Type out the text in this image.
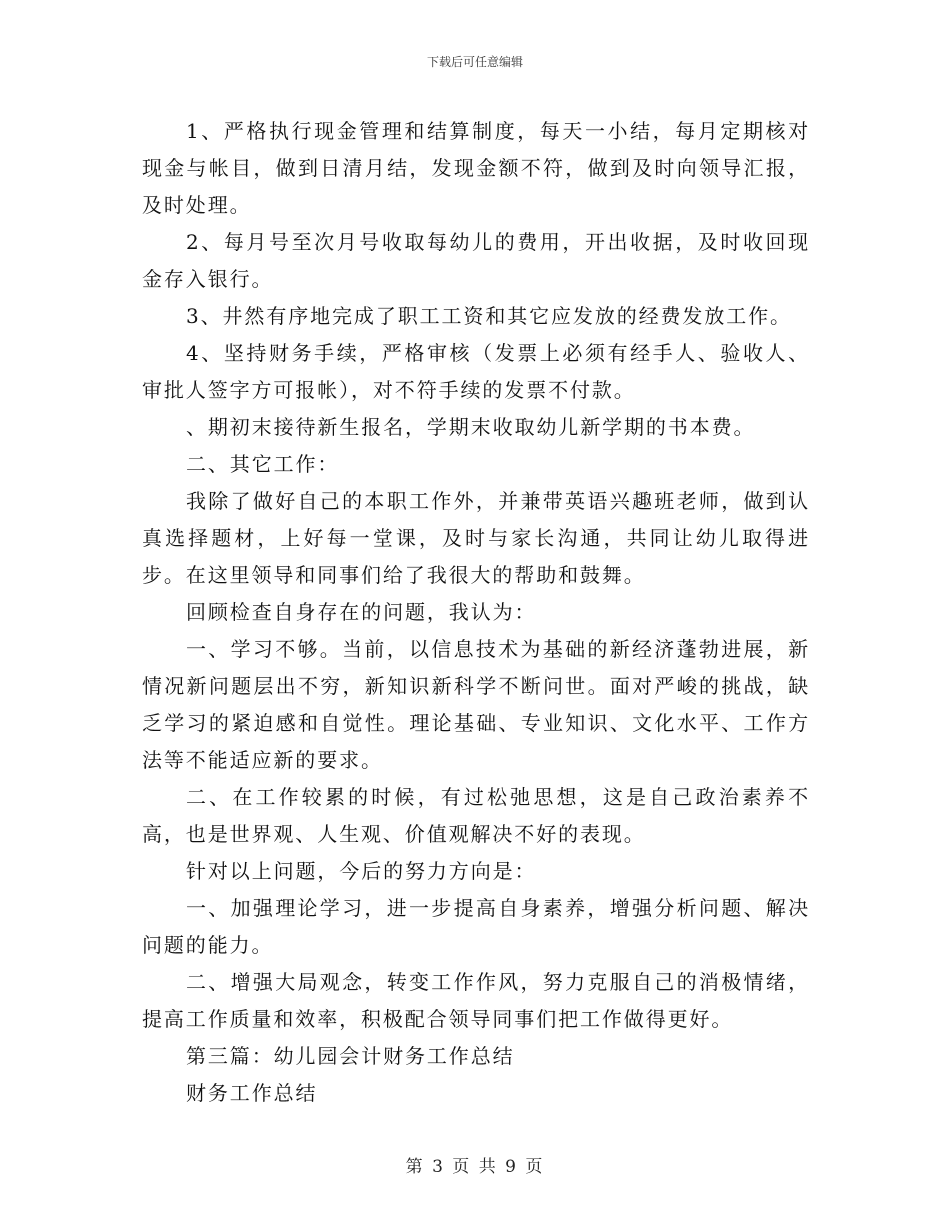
下载后可任意编辑

1、严格执行现金管理和结算制度，每天一小结，每月定期核对现金与帐目，做到日清月结，发现金额不符，做到及时向领导汇报，及时处理。

2、每月号至次月号收取每幼儿的费用，开出收据，及时收回现金存入银行。

3、井然有序地完成了职工工资和其它应发放的经费发放工作。

4、坚持财务手续，严格审核（发票上必须有经手人、验收人、审批人签字方可报帐），对不符手续的发票不付款。

、期初末接待新生报名，学期末收取幼儿新学期的书本费。

二、其它工作：

我除了做好自己的本职工作外，并兼带英语兴趣班老师，做到认真选择题材，上好每一堂课，及时与家长沟通，共同让幼儿取得进步。在这里领导和同事们给了我很大的帮助和鼓舞。

回顾检查自身存在的问题，我认为：

一、学习不够。当前，以信息技术为基础的新经济蓬勃进展，新情况新问题层出不穷，新知识新科学不断问世。面对严峻的挑战，缺乏学习的紧迫感和自觉性。理论基础、专业知识、文化水平、工作方法等不能适应新的要求。

二、在工作较累的时候，有过松弛思想，这是自己政治素养不高，也是世界观、人生观、价值观解决不好的表现。

针对以上问题，今后的努力方向是：

一、加强理论学习，进一步提高自身素养，增强分析问题、解决问题的能力。

二、增强大局观念，转变工作作风，努力克服自己的消极情绪，提高工作质量和效率，积极配合领导同事们把工作做得更好。

第三篇：幼儿园会计财务工作总结

财务工作总结

第 3 页 共 9 页
